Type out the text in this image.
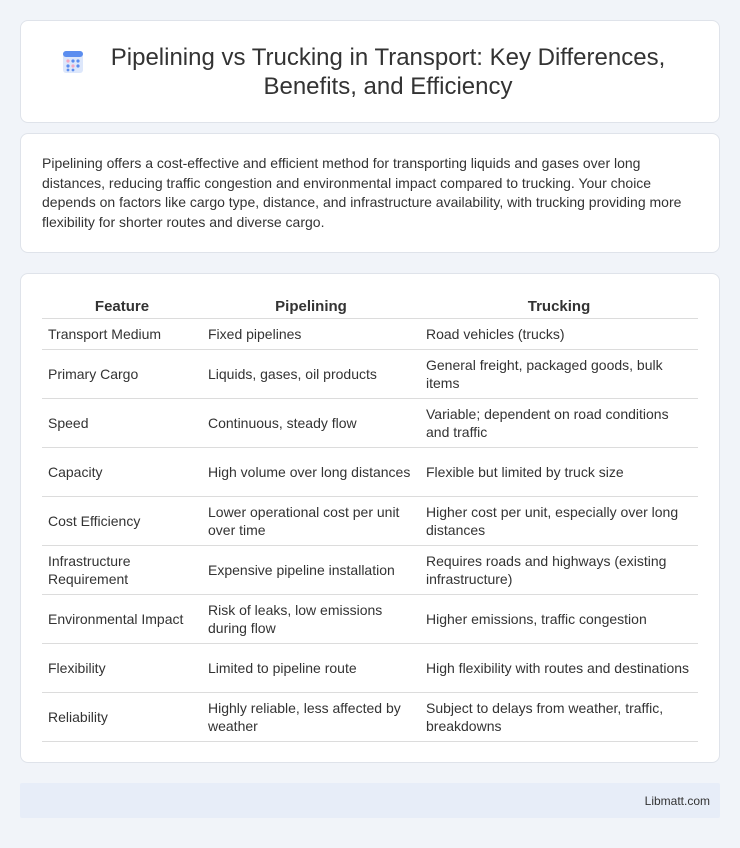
Pipelining vs Trucking in Transport: Key Differences, Benefits, and Efficiency

Pipelining offers a cost-effective and efficient method for transporting liquids and gases over long distances, reducing traffic congestion and environmental impact compared to trucking. Your choice depends on factors like cargo type, distance, and infrastructure availability, with trucking providing more flexibility for shorter routes and diverse cargo.

Feature	Pipelining	Trucking
Transport Medium	Fixed pipelines	Road vehicles (trucks)
Primary Cargo	Liquids, gases, oil products	General freight, packaged goods, bulk items
Speed	Continuous, steady flow	Variable; dependent on road conditions and traffic
Capacity	High volume over long distances	Flexible but limited by truck size
Cost Efficiency	Lower operational cost per unit over time	Higher cost per unit, especially over long distances
Infrastructure Requirement	Expensive pipeline installation	Requires roads and highways (existing infrastructure)
Environmental Impact	Risk of leaks, low emissions during flow	Higher emissions, traffic congestion
Flexibility	Limited to pipeline route	High flexibility with routes and destinations
Reliability	Highly reliable, less affected by weather	Subject to delays from weather, traffic, breakdowns
Libmatt.com
